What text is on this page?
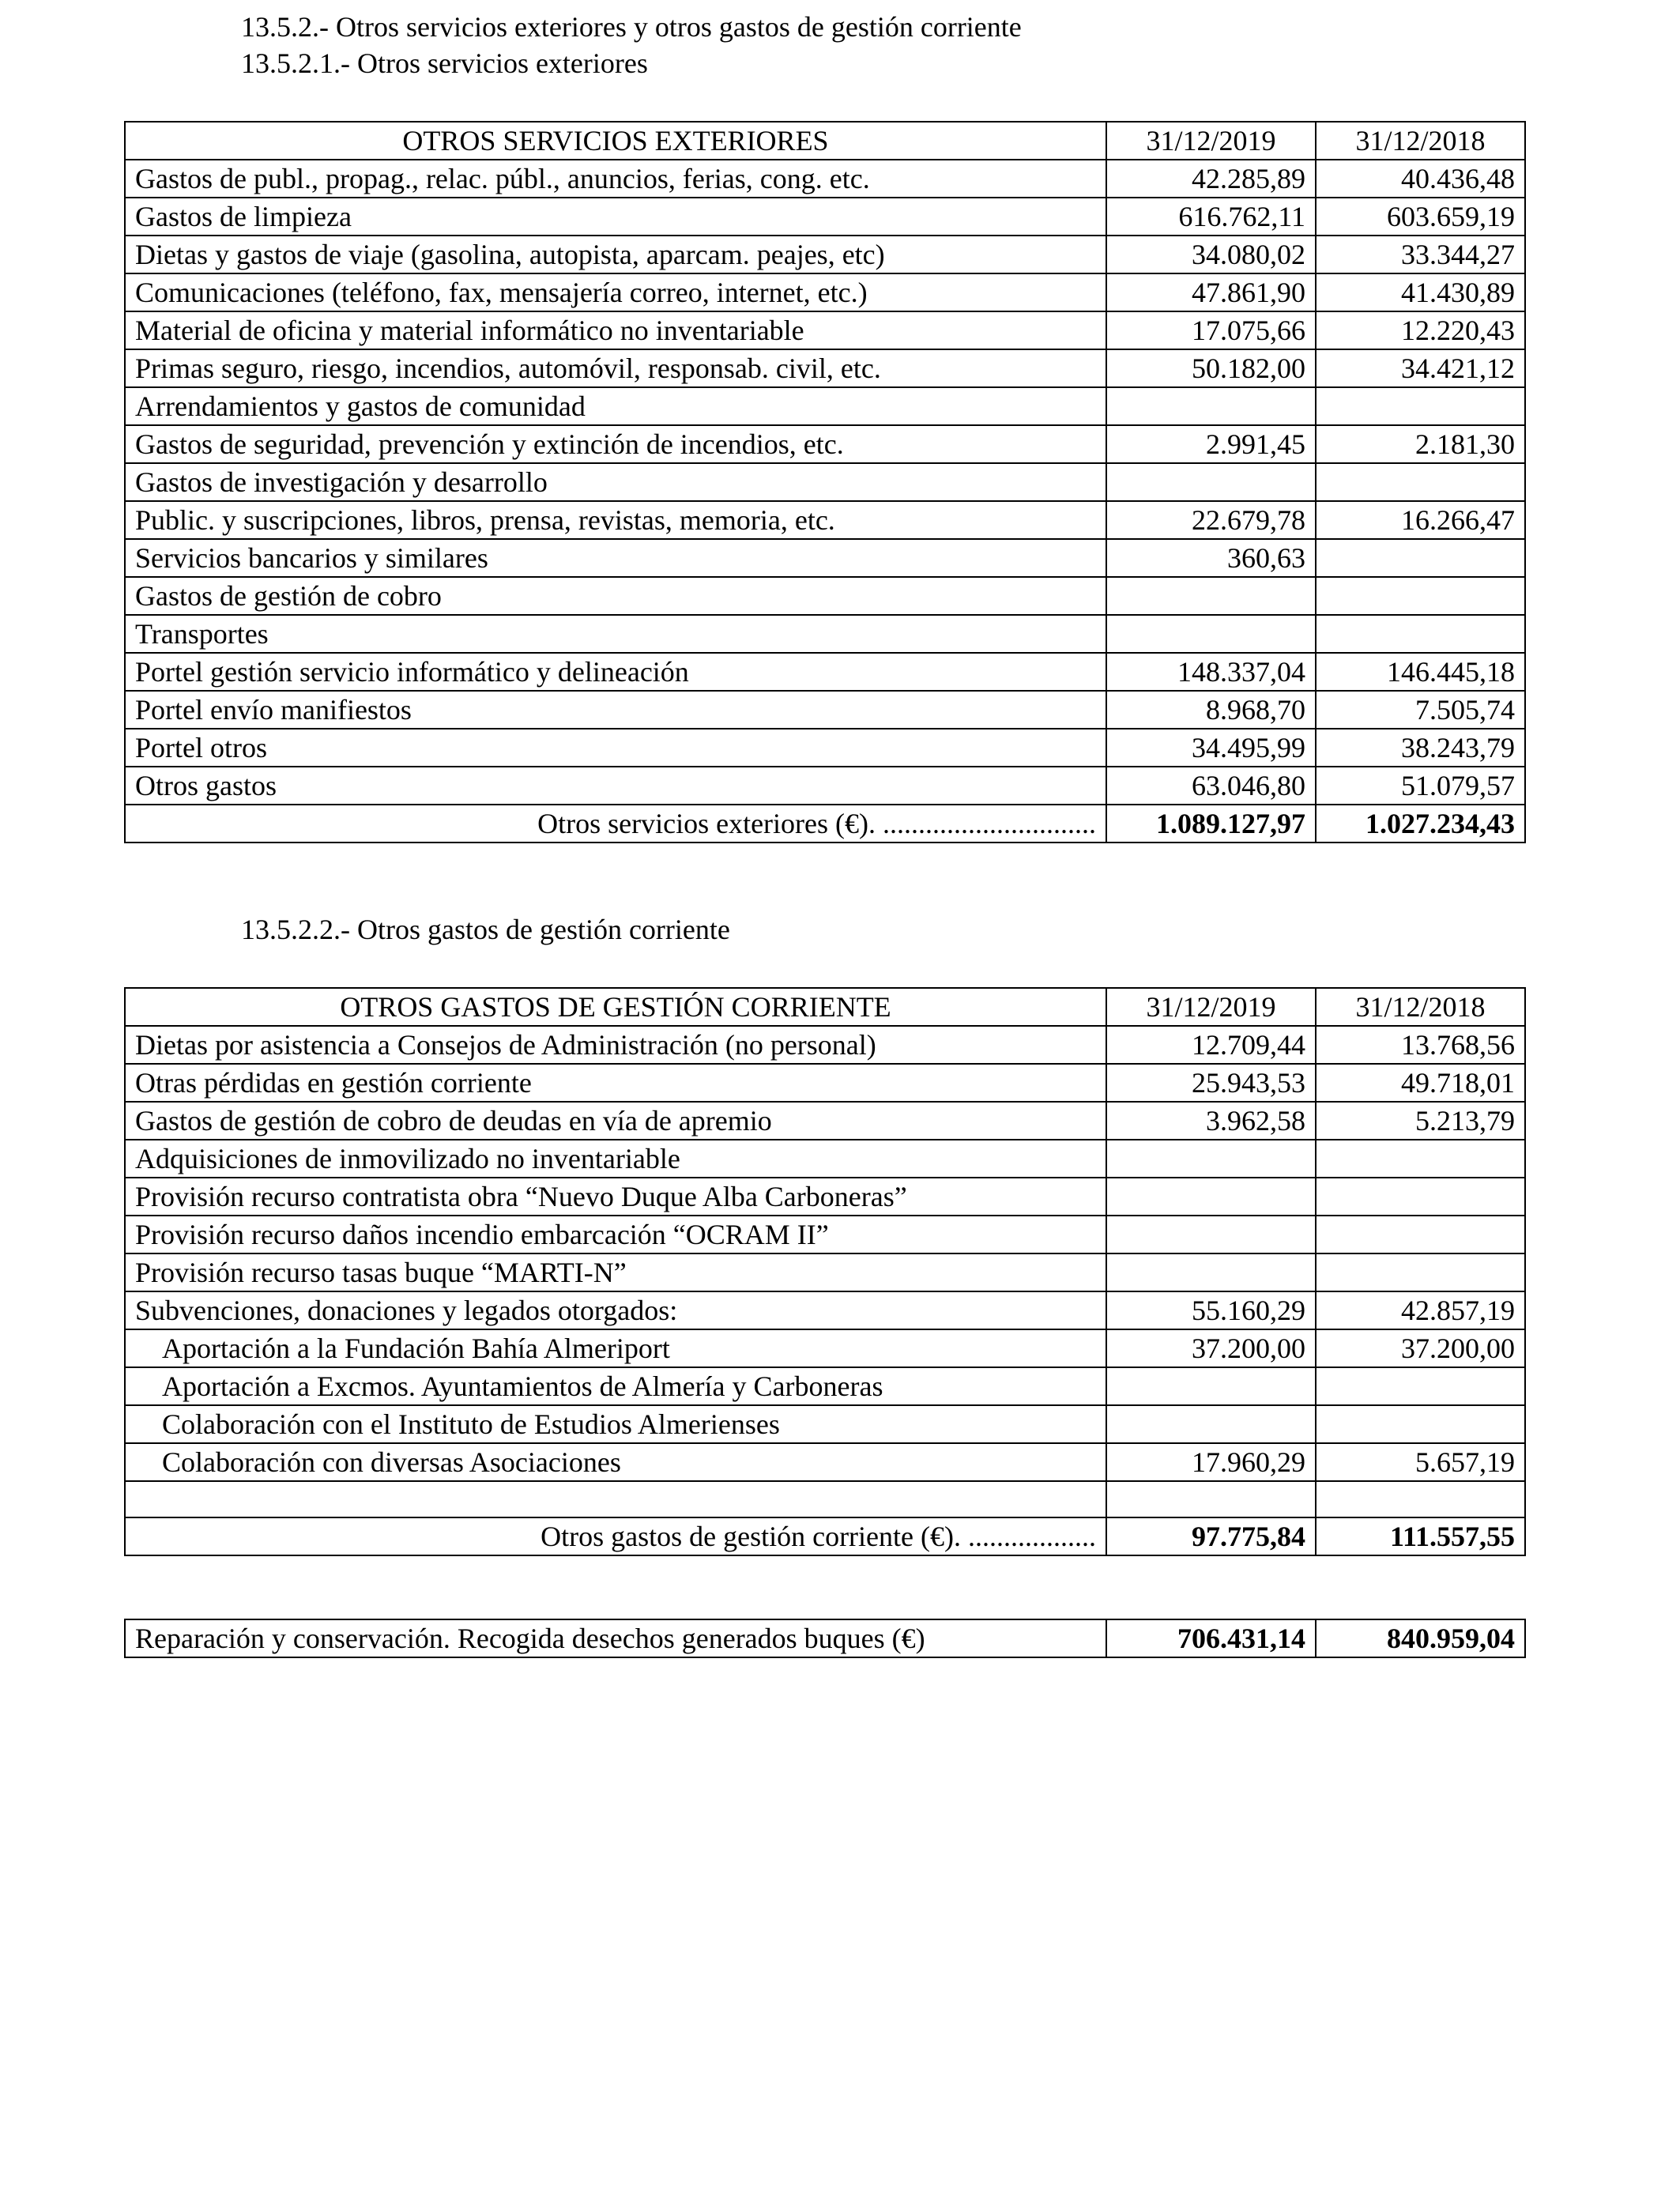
13.5.2.- Otros servicios exteriores y otros gastos de gestión corriente
13.5.2.1.- Otros servicios exteriores
OTROS SERVICIOS EXTERIORES	31/12/2019	31/12/2018
Gastos de publ., propag., relac. públ., anuncios, ferias, cong. etc.	42.285,89	40.436,48
Gastos de limpieza	616.762,11	603.659,19
Dietas y gastos de viaje (gasolina, autopista, aparcam. peajes, etc)	34.080,02	33.344,27
Comunicaciones (teléfono, fax, mensajería correo, internet, etc.)	47.861,90	41.430,89
Material de oficina y material informático no inventariable	17.075,66	12.220,43
Primas seguro, riesgo, incendios, automóvil, responsab. civil, etc.	50.182,00	34.421,12
Arrendamientos y gastos de comunidad		
Gastos de seguridad, prevención y extinción de incendios, etc.	2.991,45	2.181,30
Gastos de investigación y desarrollo		
Public. y suscripciones, libros, prensa, revistas, memoria, etc.	22.679,78	16.266,47
Servicios bancarios y similares	360,63	
Gastos de gestión de cobro		
Transportes		
Portel gestión servicio informático y delineación	148.337,04	146.445,18
Portel envío manifiestos	8.968,70	7.505,74
Portel otros	34.495,99	38.243,79
Otros gastos	63.046,80	51.079,57
Otros servicios exteriores (€). ..............................	1.089.127,97	1.027.234,43
13.5.2.2.- Otros gastos de gestión corriente
OTROS GASTOS DE GESTIÓN CORRIENTE	31/12/2019	31/12/2018
Dietas por asistencia a Consejos de Administración (no personal)	12.709,44	13.768,56
Otras pérdidas en gestión corriente	25.943,53	49.718,01
Gastos de gestión de cobro de deudas en vía de apremio	3.962,58	5.213,79
Adquisiciones de inmovilizado no inventariable		
Provisión recurso contratista obra “Nuevo Duque Alba Carboneras”		
Provisión recurso daños incendio embarcación “OCRAM II”		
Provisión recurso tasas buque “MARTI-N”		
Subvenciones, donaciones y legados otorgados:	55.160,29	42.857,19
Aportación a la Fundación Bahía Almeriport	37.200,00	37.200,00
Aportación a Excmos. Ayuntamientos de Almería y Carboneras		
Colaboración con el Instituto de Estudios Almerienses		
Colaboración con diversas Asociaciones	17.960,29	5.657,19

Otros gastos de gestión corriente (€). ..................	97.775,84	111.557,55
Reparación y conservación. Recogida desechos generados buques (€)	706.431,14	840.959,04
